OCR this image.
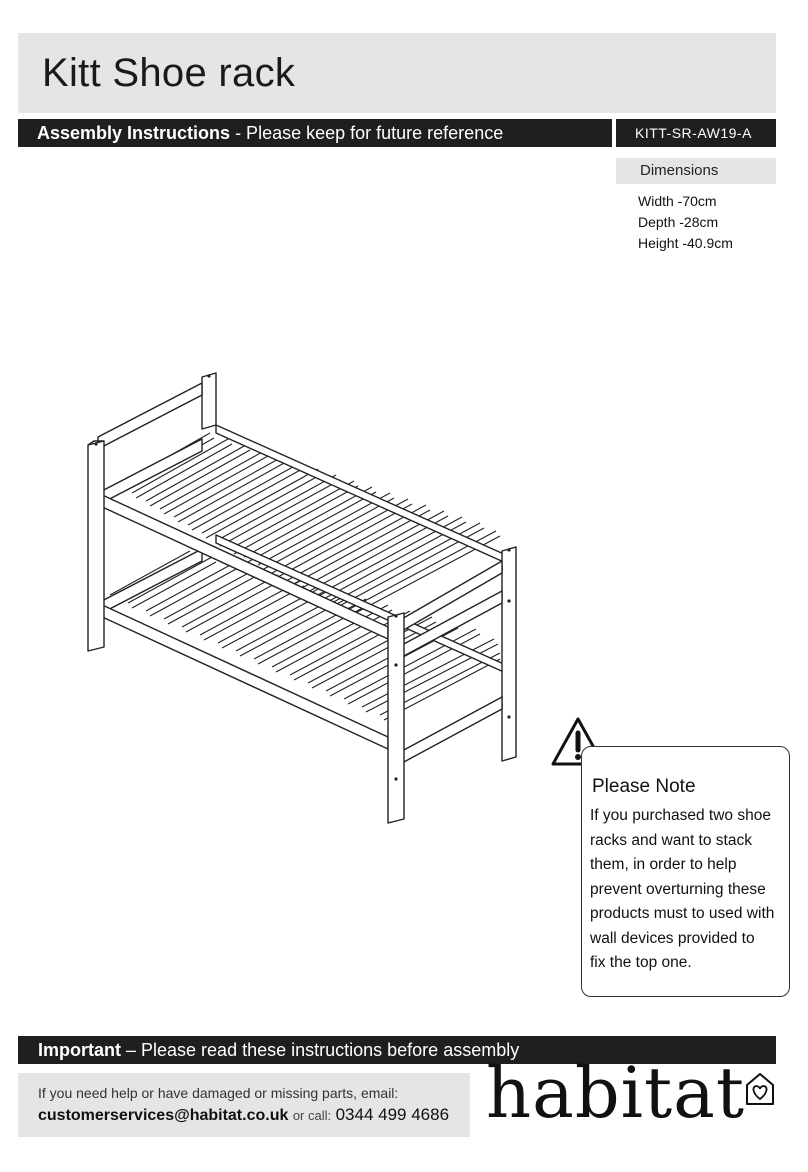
Kitt Shoe rack
Assembly Instructions - Please keep for future reference	KITT-SR-AW19-A
Dimensions
Width -70cm
Depth -28cm
Height -40.9cm
Please Note
If you purchased two shoe
racks and want to stack
them, in order to help
prevent overturning these
products must to used with
wall devices provided to
fix the top one.
Important – Please read these instructions before assembly
If you need help or have damaged or missing parts, email:
customerservices@habitat.co.uk or call: 0344 499 4686 habitat
